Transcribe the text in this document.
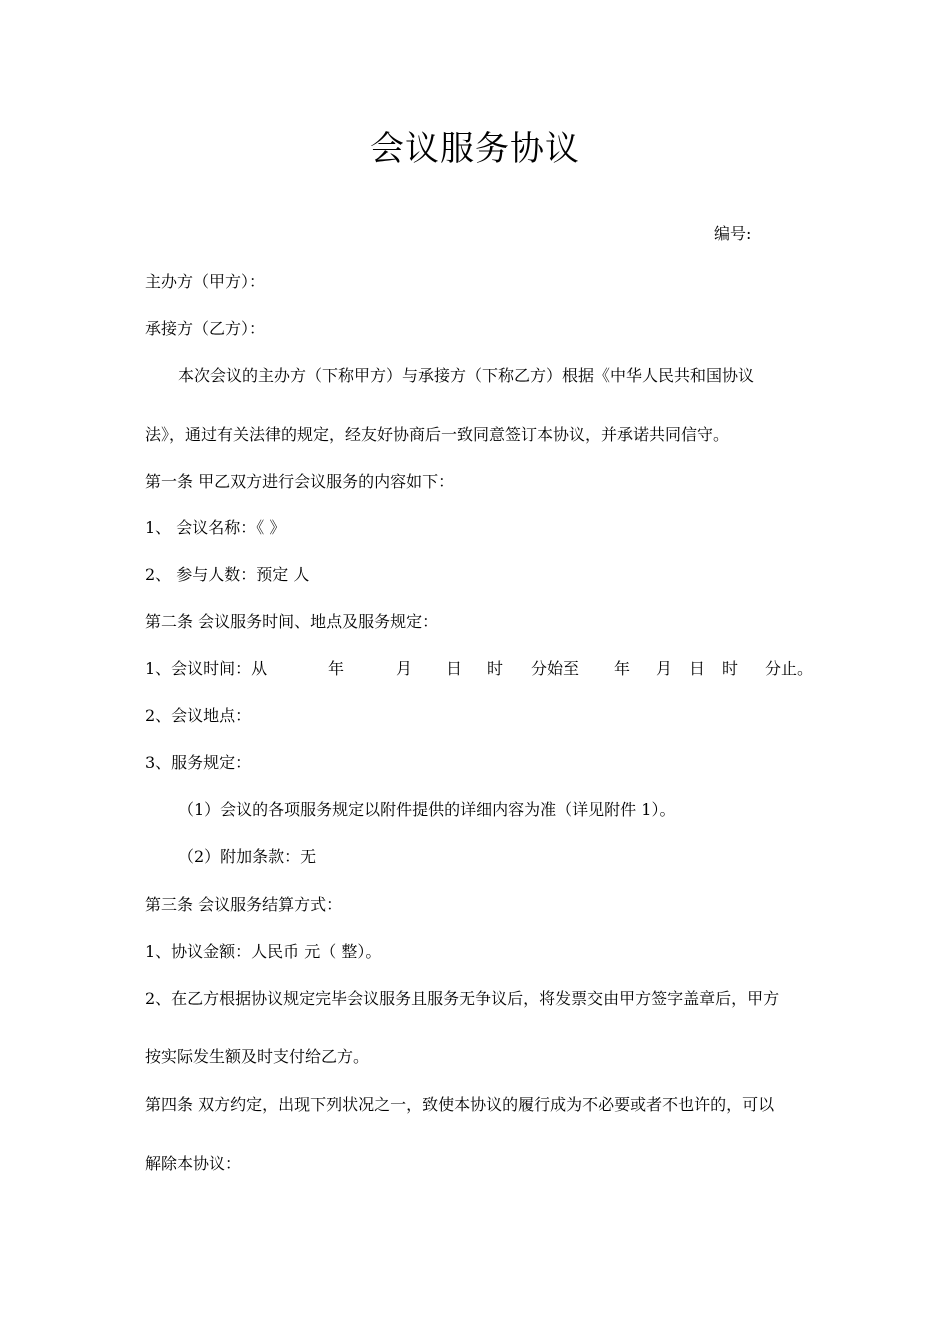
会议服务协议
编号:
主办方（甲方）：
承接方（乙方）：
本次会议的主办方（下称甲方）与承接方（下称乙方）根据《中华人民共和国协议
法》，通过有关法律的规定，经友好协商后一致同意签订本协议，并承诺共同信守。
第一条 甲乙双方进行会议服务的内容如下：
1、 会议名称：《 》
2、 参与人数：预定 人
第二条 会议服务时间、地点及服务规定：
1、会议时间：从	年	月 日 时 分始至 年 月 日 时 分止。
2、会议地点：
3、服务规定：
（1）会议的各项服务规定以附件提供的详细内容为准（详见附件 1）。
（2）附加条款：无
第三条 会议服务结算方式：
1、协议金额：人民币 元（ 整）。
2、在乙方根据协议规定完毕会议服务且服务无争议后，将发票交由甲方签字盖章后，甲方
按实际发生额及时支付给乙方。
第四条 双方约定，出现下列状况之一，致使本协议的履行成为不必要或者不也许的，可以
解除本协议：
